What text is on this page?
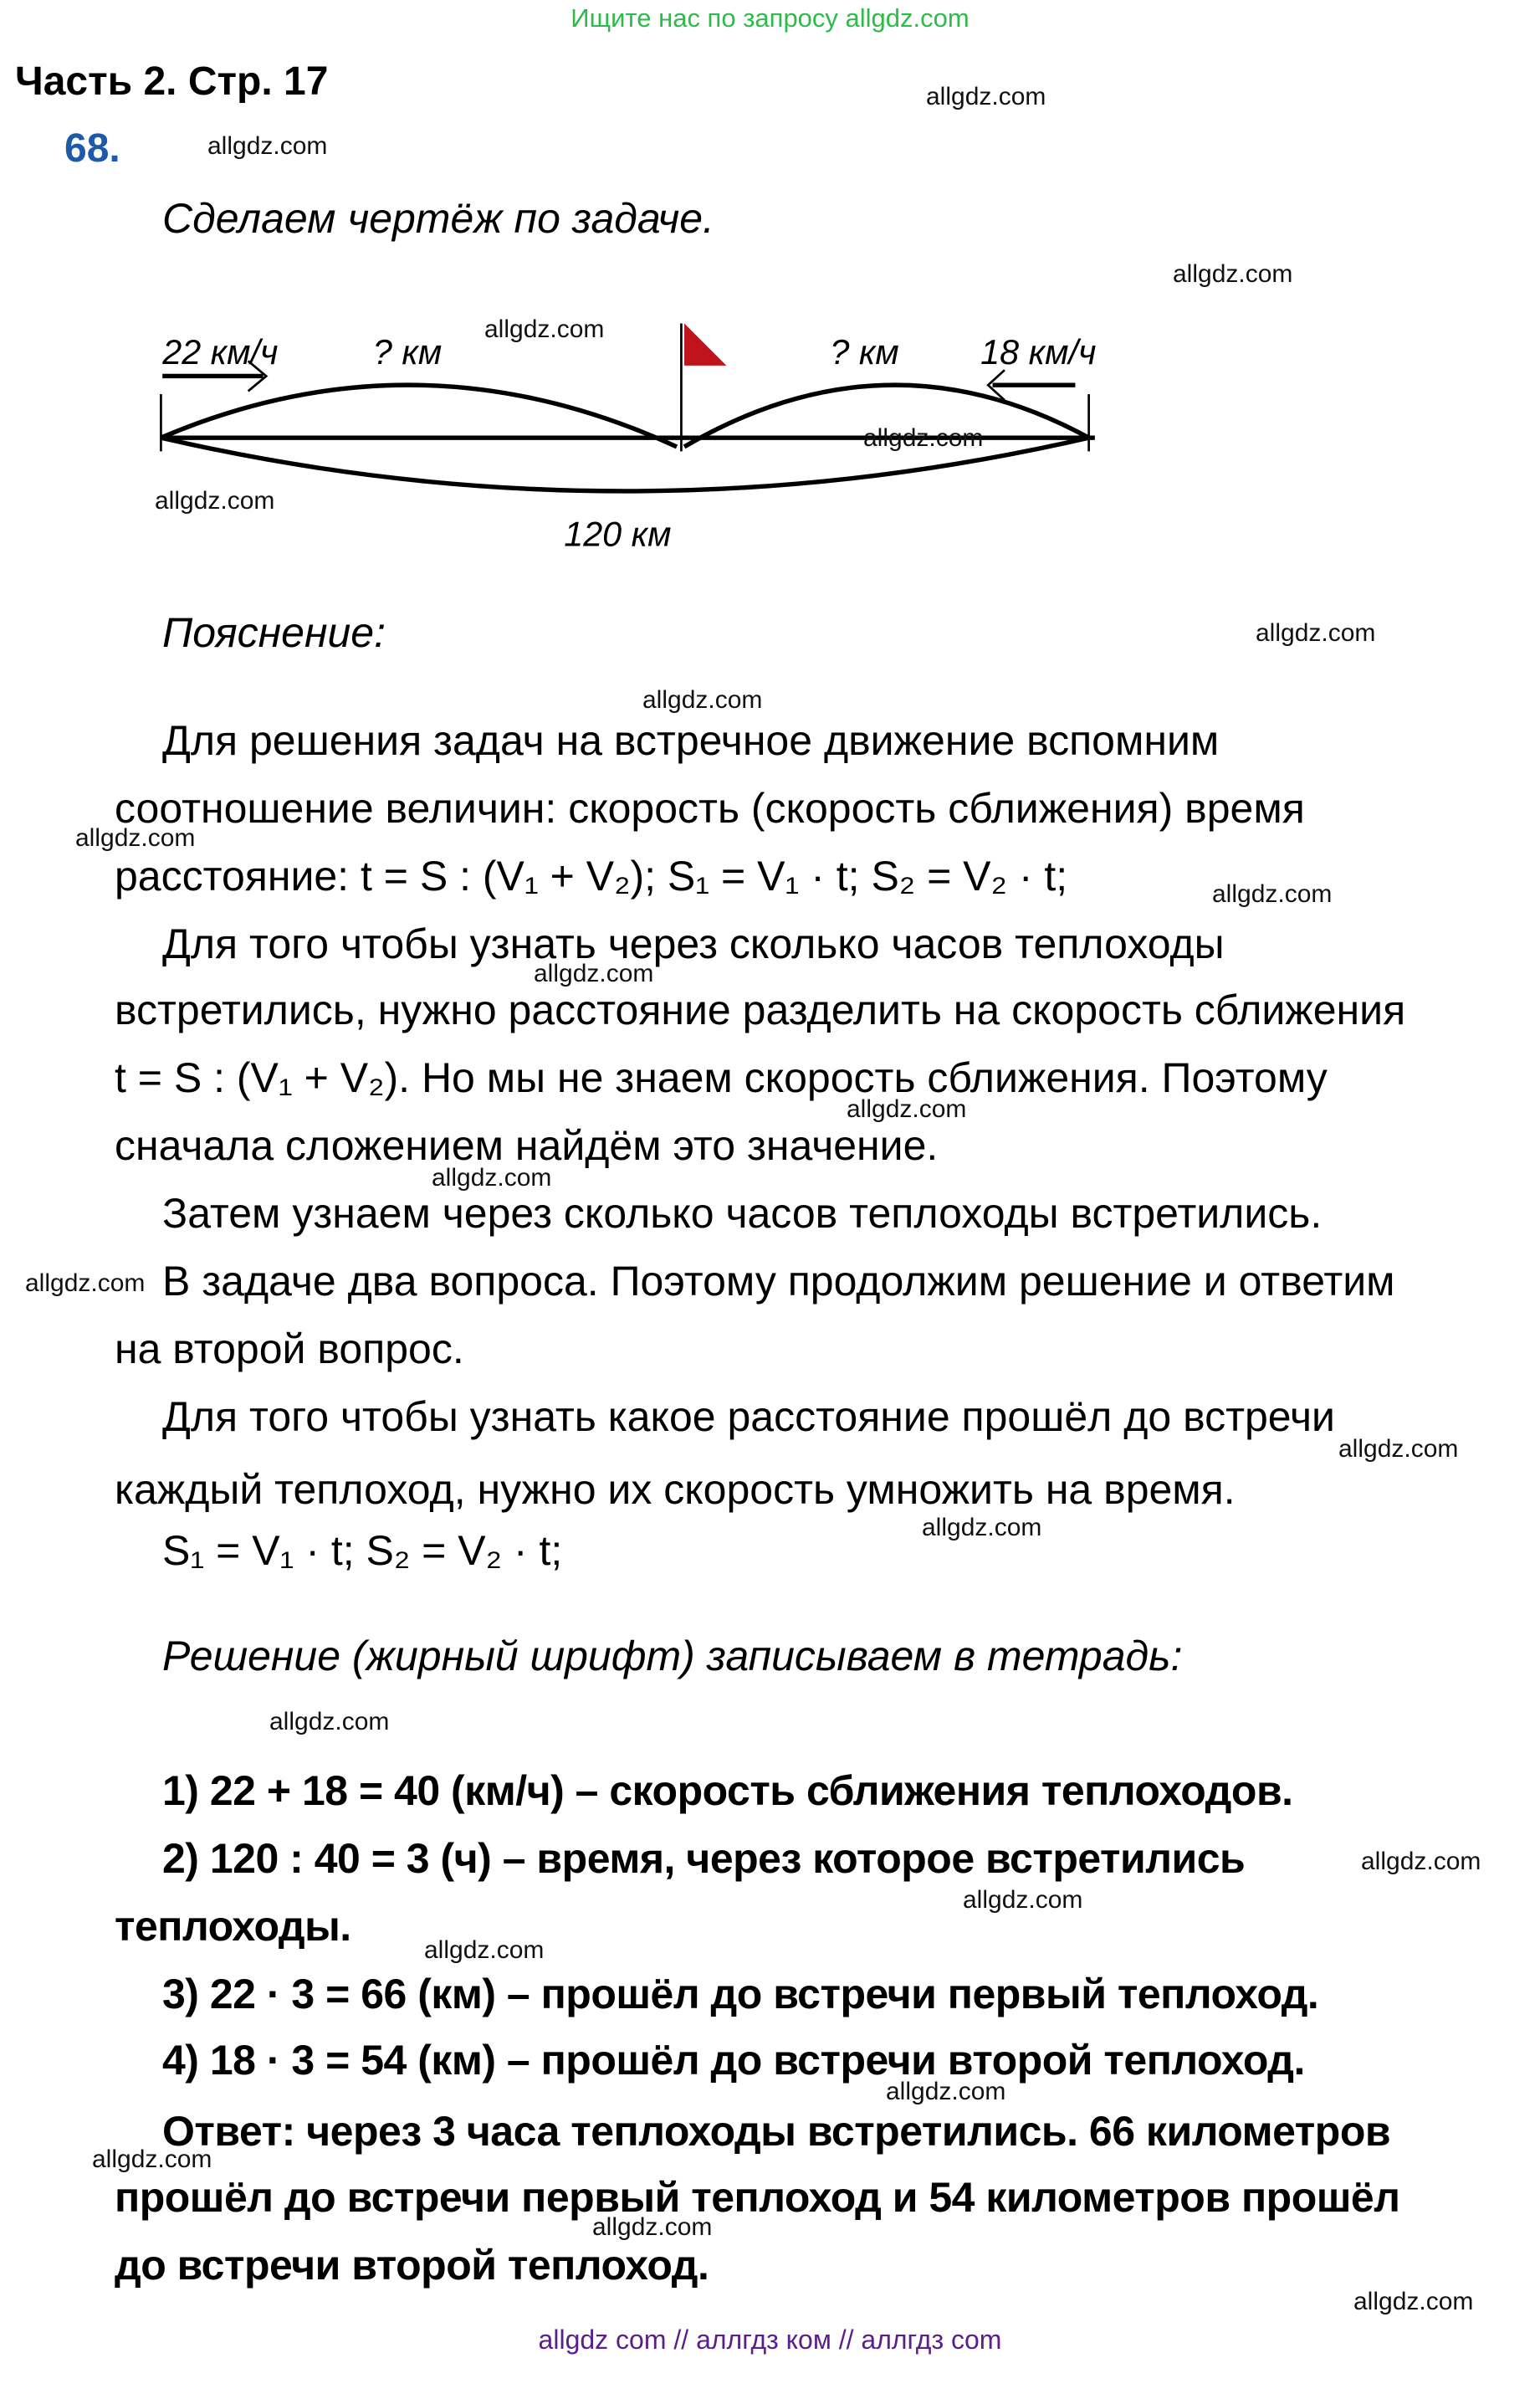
Ищите нас по запросу allgdz.com
Часть 2. Стр. 17
68.
Сделаем чертёж по задаче.
22 км/ч	? км	? км	18 км/ч
120 км
Пояснение:
Для решения задач на встречное движение вспомним
соотношение величин: скорость (скорость сближения) время
расстояние: t = S : (V₁ + V₂); S₁ = V₁ · t; S₂ = V₂ · t;
Для того чтобы узнать через сколько часов теплоходы
встретились, нужно расстояние разделить на скорость сближения
t = S : (V₁ + V₂). Но мы не знаем скорость сближения. Поэтому
сначала сложением найдём это значение.
Затем узнаем через сколько часов теплоходы встретились.
В задаче два вопроса. Поэтому продолжим решение и ответим
на второй вопрос.
Для того чтобы узнать какое расстояние прошёл до встречи
каждый теплоход, нужно их скорость умножить на время.
S₁ = V₁ · t; S₂ = V₂ · t;
Решение (жирный шрифт) записываем в тетрадь:
1) 22 + 18 = 40 (км/ч) – скорость сближения теплоходов.
2) 120 : 40 = 3 (ч) – время, через которое встретились
теплоходы.
3) 22 · 3 = 66 (км) – прошёл до встречи первый теплоход.
4) 18 · 3 = 54 (км) – прошёл до встречи второй теплоход.
Ответ: через 3 часа теплоходы встретились. 66 километров
прошёл до встречи первый теплоход и 54 километров прошёл
до встречи второй теплоход.
allgdz.com
allgdz.com
allgdz.com
allgdz.com
allgdz.com
allgdz.com
allgdz.com
allgdz.com
allgdz.com
allgdz.com
allgdz.com
allgdz.com
allgdz.com
allgdz.com
allgdz.com
allgdz.com
allgdz.com
allgdz.com
allgdz.com
allgdz.com
allgdz.com
allgdz.com
allgdz.com
allgdz.com
allgdz com // аллгдз ком // аллгдз com
